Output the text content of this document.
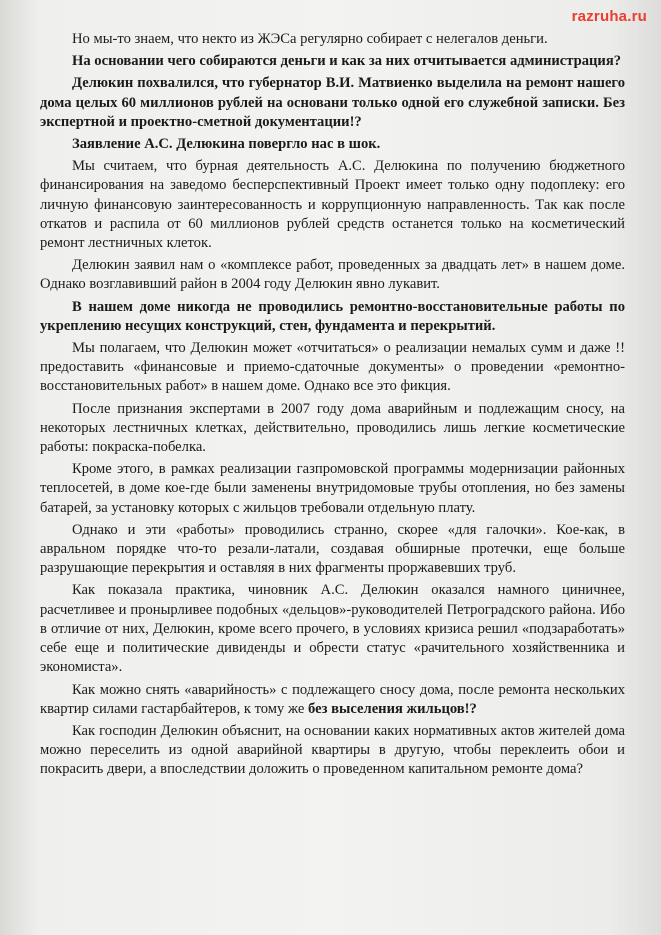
razruha.ru

Но мы-то знаем, что некто из ЖЭСа регулярно собирает с нелегалов деньги.

На основании чего собираются деньги и как за них отчитывается администрация?

Делюкин похвалился, что губернатор В.И. Матвиенко выделила на ремонт нашего дома целых 60 миллионов рублей на основани только одной его служебной записки. Без экспертной и проектно-сметной документации!?

Заявление А.С. Делюкина повергло нас в шок.

Мы считаем, что бурная деятельность А.С. Делюкина по получению бюджетного финансирования на заведомо бесперспективный Проект имеет только одну подоплеку: его личную финансовую заинтересованность и коррупционную направленность. Так как после откатов и распила от 60 миллионов рублей средств останется только на косметический ремонт лестничных клеток.

Делюкин заявил нам о «комплексе работ, проведенных за двадцать лет» в нашем доме. Однако возглавивший район в 2004 году Делюкин явно лукавит.

В нашем доме никогда не проводились ремонтно-восстановительные работы по укреплению несущих конструкций, стен, фундамента и перекрытий.

Мы полагаем, что Делюкин может «отчитаться» о реализации немалых сумм и даже !! предоставить «финансовые и приемо-сдаточные документы» о проведении «ремонтно-восстановительных работ» в нашем доме. Однако все это фикция.

После признания экспертами в 2007 году дома аварийным и подлежащим сносу, на некоторых лестничных клетках, действительно, проводились лишь легкие косметические работы: покраска-побелка.

Кроме этого, в рамках реализации газпромовской программы модернизации районных теплосетей, в доме кое-где были заменены внутридомовые трубы отопления, но без замены батарей, за установку которых с жильцов требовали отдельную плату.

Однако и эти «работы» проводились странно, скорее «для галочки». Кое-как, в авральном порядке что-то резали-латали, создавая обширные протечки, еще больше разрушающие перекрытия и оставляя в них фрагменты проржавевших труб.

Как показала практика, чиновник А.С. Делюкин оказался намного циничнее, расчетливее и пронырливее подобных «дельцов»-руководителей Петроградского района. Ибо в отличие от них, Делюкин, кроме всего прочего, в условиях кризиса решил «подзаработать» себе еще и политические дивиденды и обрести статус «рачительного хозяйственника и экономиста».

Как можно снять «аварийность» с подлежащего сносу дома, после ремонта нескольких квартир силами гастарбайтеров, к тому же без выселения жильцов!?

Как господин Делюкин объяснит, на основании каких нормативных актов жителей дома можно переселить из одной аварийной квартиры в другую, чтобы переклеить обои и покрасить двери, а впоследствии доложить о проведенном капитальном ремонте дома?
